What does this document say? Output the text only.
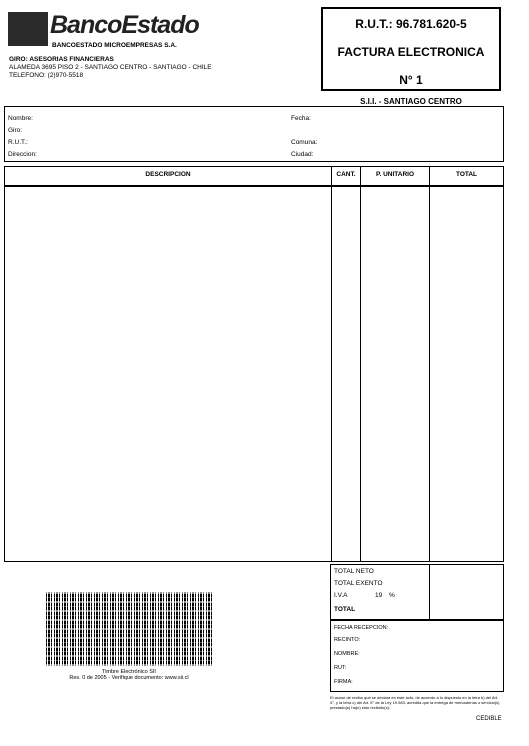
BancoEstado
BANCOESTADO MICROEMPRESAS S.A.
GIRO: ASESORIAS FINANCIERAS
ALAMEDA 3695 PISO 2 - SANTIAGO CENTRO - SANTIAGO - CHILE
TELEFONO: (2)970-5518
R.U.T.: 96.781.620-5
FACTURA ELECTRONICA
N° 1
S.I.I. - SANTIAGO CENTRO
Nombre:
Giro:
R.U.T.:
Direccion:
Fecha:
Comuna:
Ciudad:
DESCRIPCION	CANT.	P. UNITARIO	TOTAL
Timbre Electrónico SII
Res. 0 de 2005 - Verifique documento: www.sii.cl
TOTAL NETO
TOTAL EXENTO
I.V.A	19 %
TOTAL
FECHA RECEPCION:
RECINTO:
NOMBRE:
RUT:
FIRMA:
El acuse de recibo que se declara en este acto, de acuerdo a lo dispuesto en la letra b) del Art. 4°, y la letra c) del Art. 5° de la Ley 19.983, acredita que la entrega de mercaderías o servicio(s) prestado(s) ha(n) sido recibido(s).
CEDIBLE
